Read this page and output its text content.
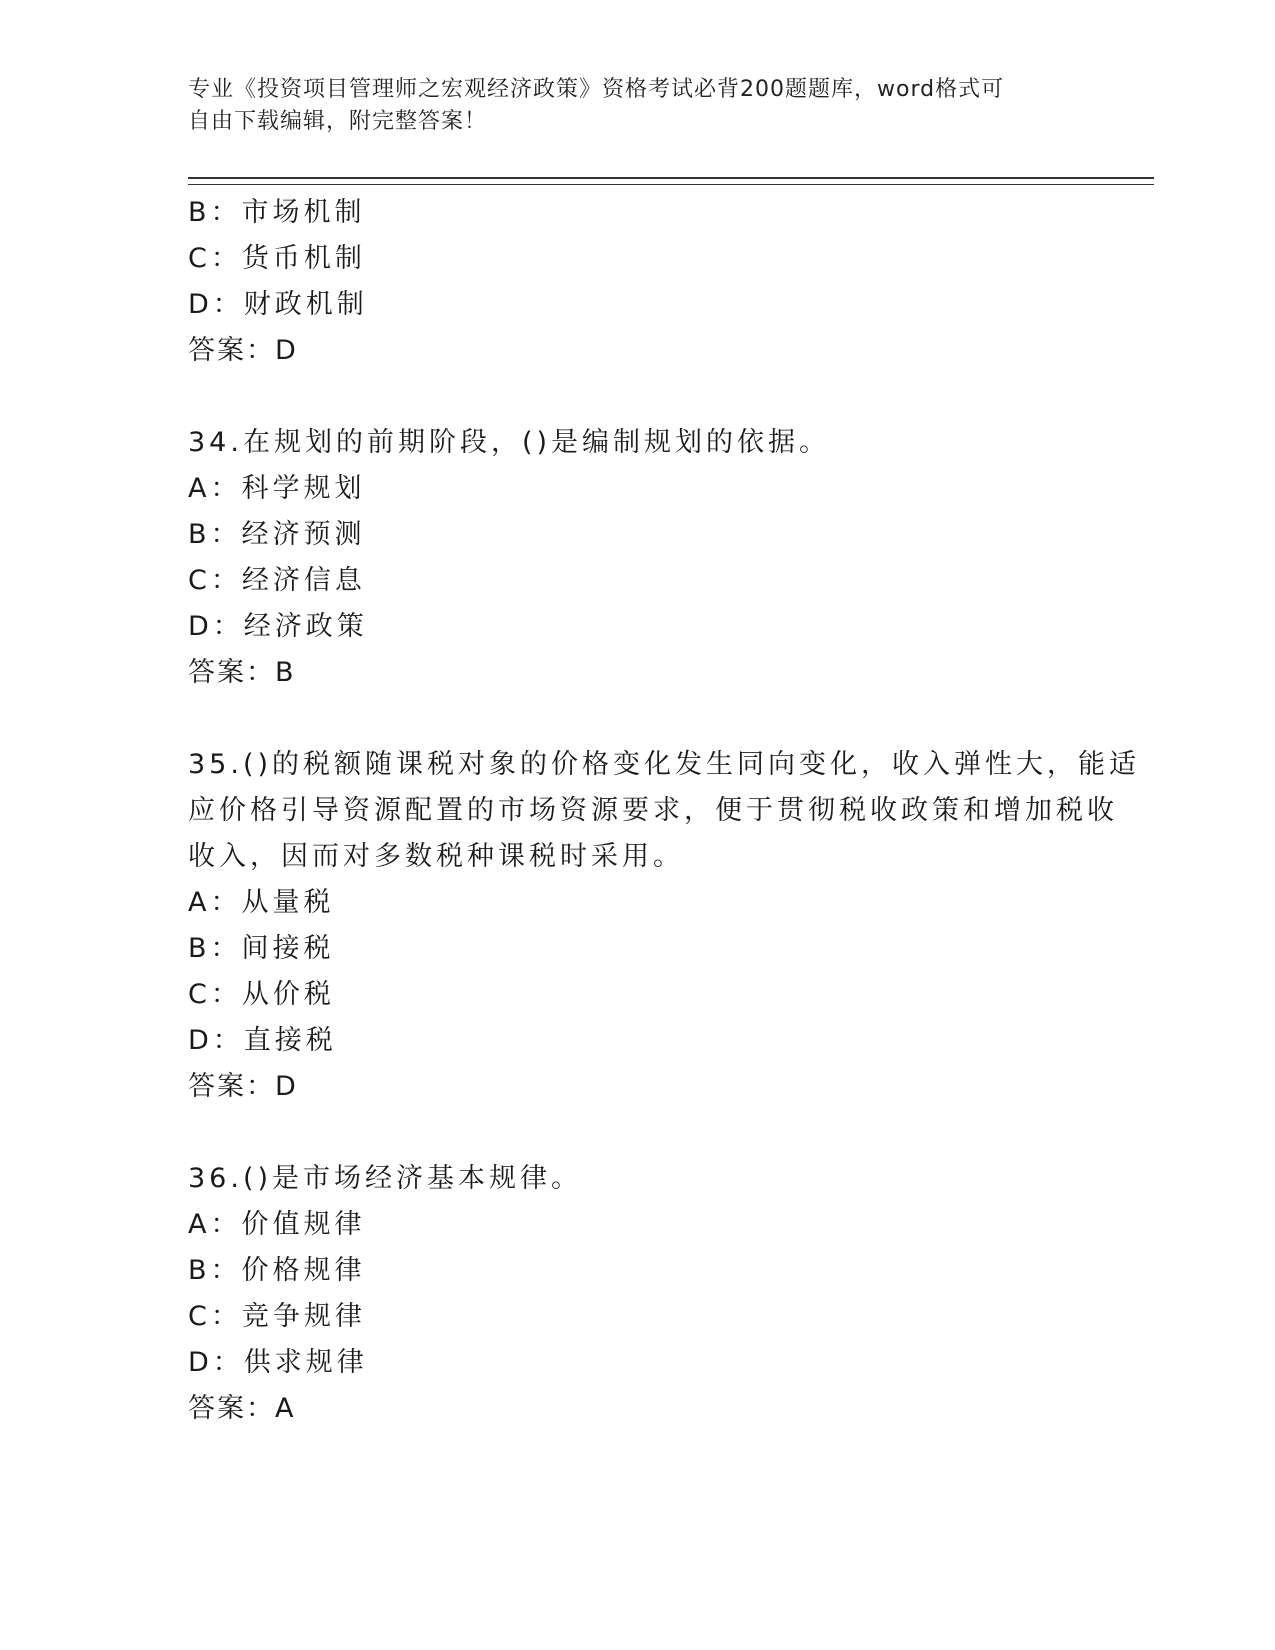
专业《投资项目管理师之宏观经济政策》资格考试必背200题题库，word格式可
自由下载编辑，附完整答案！
B：市场机制
C：货币机制
D：财政机制
答案：D
34.在规划的前期阶段，()是编制规划的依据。
A：科学规划
B：经济预测
C：经济信息
D：经济政策
答案：B
35.()的税额随课税对象的价格变化发生同向变化，收入弹性大，能适
应价格引导资源配置的市场资源要求，便于贯彻税收政策和增加税收
收入，因而对多数税种课税时采用。
A：从量税
B：间接税
C：从价税
D：直接税
答案：D
36.()是市场经济基本规律。
A：价值规律
B：价格规律
C：竞争规律
D：供求规律
答案：A
